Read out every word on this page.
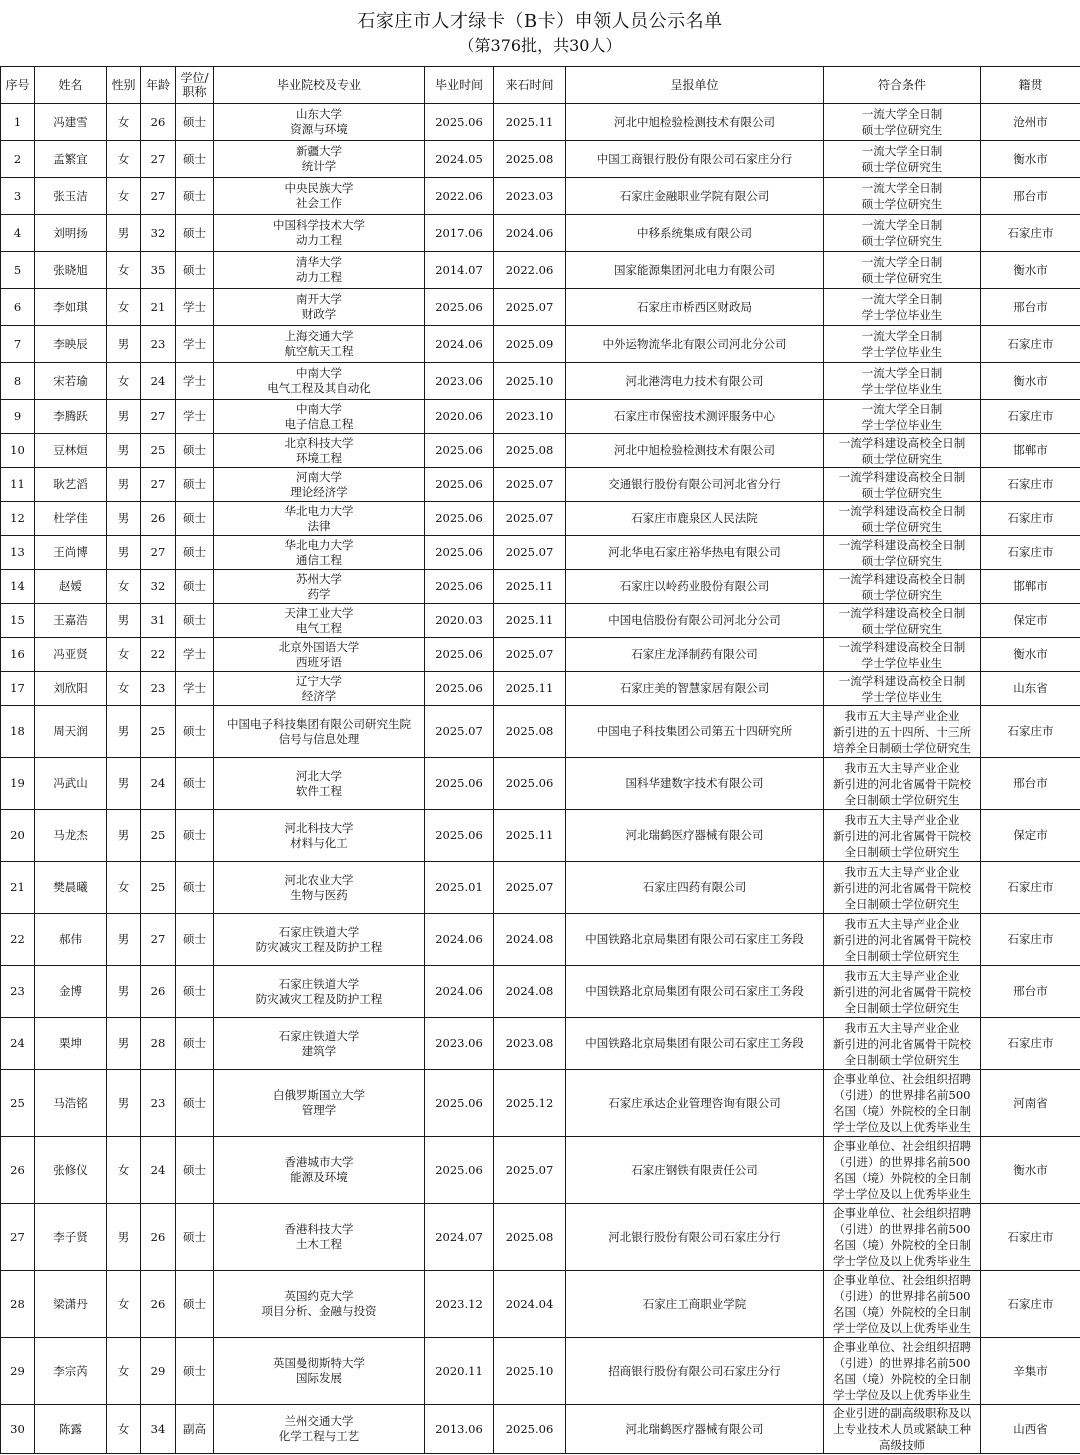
石家庄市人才绿卡（B卡）申领人员公示名单
（第376批，共30人）
序号	姓名	性别	年龄	学位/
职称	毕业院校及专业	毕业时间	来石时间	呈报单位	符合条件	籍贯
1	冯建雪	女	26	硕士	山东大学
资源与环境	2025.06	2025.11	河北中旭检验检测技术有限公司	一流大学全日制
硕士学位研究生	沧州市
2	孟繁宜	女	27	硕士	新疆大学
统计学	2024.05	2025.08	中国工商银行股份有限公司石家庄分行	一流大学全日制
硕士学位研究生	衡水市
3	张玉洁	女	27	硕士	中央民族大学
社会工作	2022.06	2023.03	石家庄金融职业学院有限公司	一流大学全日制
硕士学位研究生	邢台市
4	刘明扬	男	32	硕士	中国科学技术大学
动力工程	2017.06	2024.06	中移系统集成有限公司	一流大学全日制
硕士学位研究生	石家庄市
5	张晓旭	女	35	硕士	清华大学
动力工程	2014.07	2022.06	国家能源集团河北电力有限公司	一流大学全日制
硕士学位研究生	衡水市
6	李如琪	女	21	学士	南开大学
财政学	2025.06	2025.07	石家庄市桥西区财政局	一流大学全日制
学士学位毕业生	邢台市
7	李映辰	男	23	学士	上海交通大学
航空航天工程	2024.06	2025.09	中外运物流华北有限公司河北分公司	一流大学全日制
学士学位毕业生	石家庄市
8	宋若瑜	女	24	学士	中南大学
电气工程及其自动化	2023.06	2025.10	河北港湾电力技术有限公司	一流大学全日制
学士学位毕业生	衡水市
9	李腾跃	男	27	学士	中南大学
电子信息工程	2020.06	2023.10	石家庄市保密技术测评服务中心	一流大学全日制
学士学位毕业生	石家庄市
10	豆林烜	男	25	硕士	北京科技大学
环境工程	2025.06	2025.08	河北中旭检验检测技术有限公司	一流学科建设高校全日制
硕士学位研究生	邯郸市
11	耿艺滔	男	27	硕士	河南大学
理论经济学	2025.06	2025.07	交通银行股份有限公司河北省分行	一流学科建设高校全日制
硕士学位研究生	石家庄市
12	杜学佳	男	26	硕士	华北电力大学
法律	2025.06	2025.07	石家庄市鹿泉区人民法院	一流学科建设高校全日制
硕士学位研究生	石家庄市
13	王尚博	男	27	硕士	华北电力大学
通信工程	2025.06	2025.07	河北华电石家庄裕华热电有限公司	一流学科建设高校全日制
硕士学位研究生	石家庄市
14	赵嫒	女	32	硕士	苏州大学
药学	2025.06	2025.11	石家庄以岭药业股份有限公司	一流学科建设高校全日制
硕士学位研究生	邯郸市
15	王嘉浩	男	31	硕士	天津工业大学
电气工程	2020.03	2025.11	中国电信股份有限公司河北分公司	一流学科建设高校全日制
硕士学位研究生	保定市
16	冯亚贤	女	22	学士	北京外国语大学
西班牙语	2025.06	2025.07	石家庄龙泽制药有限公司	一流学科建设高校全日制
学士学位毕业生	衡水市
17	刘欣阳	女	23	学士	辽宁大学
经济学	2025.06	2025.11	石家庄美的智慧家居有限公司	一流学科建设高校全日制
学士学位毕业生	山东省
18	周天润	男	25	硕士	中国电子科技集团有限公司研究生院
信号与信息处理	2025.07	2025.08	中国电子科技集团公司第五十四研究所	我市五大主导产业企业
新引进的五十四所、十三所
培养全日制硕士学位研究生	石家庄市
19	冯武山	男	24	硕士	河北大学
软件工程	2025.06	2025.06	国科华建数字技术有限公司	我市五大主导产业企业
新引进的河北省属骨干院校
全日制硕士学位研究生	邢台市
20	马龙杰	男	25	硕士	河北科技大学
材料与化工	2025.06	2025.11	河北瑞鹤医疗器械有限公司	我市五大主导产业企业
新引进的河北省属骨干院校
全日制硕士学位研究生	保定市
21	樊晨曦	女	25	硕士	河北农业大学
生物与医药	2025.01	2025.07	石家庄四药有限公司	我市五大主导产业企业
新引进的河北省属骨干院校
全日制硕士学位研究生	石家庄市
22	郝伟	男	27	硕士	石家庄铁道大学
防灾减灾工程及防护工程	2024.06	2024.08	中国铁路北京局集团有限公司石家庄工务段	我市五大主导产业企业
新引进的河北省属骨干院校
全日制硕士学位研究生	石家庄市
23	金博	男	26	硕士	石家庄铁道大学
防灾减灾工程及防护工程	2024.06	2024.08	中国铁路北京局集团有限公司石家庄工务段	我市五大主导产业企业
新引进的河北省属骨干院校
全日制硕士学位研究生	邢台市
24	栗坤	男	28	硕士	石家庄铁道大学
建筑学	2023.06	2023.08	中国铁路北京局集团有限公司石家庄工务段	我市五大主导产业企业
新引进的河北省属骨干院校
全日制硕士学位研究生	石家庄市
25	马浩铭	男	23	硕士	白俄罗斯国立大学
管理学	2025.06	2025.12	石家庄承达企业管理咨询有限公司	企事业单位、社会组织招聘
（引进）的世界排名前500
名国（境）外院校的全日制
学士学位及以上优秀毕业生	河南省
26	张修仪	女	24	硕士	香港城市大学
能源及环境	2025.06	2025.07	石家庄钢铁有限责任公司	企事业单位、社会组织招聘
（引进）的世界排名前500
名国（境）外院校的全日制
学士学位及以上优秀毕业生	衡水市
27	李子贤	男	26	硕士	香港科技大学
土木工程	2024.07	2025.08	河北银行股份有限公司石家庄分行	企事业单位、社会组织招聘
（引进）的世界排名前500
名国（境）外院校的全日制
学士学位及以上优秀毕业生	石家庄市
28	梁潇丹	女	26	硕士	英国约克大学
项目分析、金融与投资	2023.12	2024.04	石家庄工商职业学院	企事业单位、社会组织招聘
（引进）的世界排名前500
名国（境）外院校的全日制
学士学位及以上优秀毕业生	石家庄市
29	李宗芮	女	29	硕士	英国曼彻斯特大学
国际发展	2020.11	2025.10	招商银行股份有限公司石家庄分行	企事业单位、社会组织招聘
（引进）的世界排名前500
名国（境）外院校的全日制
学士学位及以上优秀毕业生	辛集市
30	陈露	女	34	副高	兰州交通大学
化学工程与工艺	2013.06	2025.06	河北瑞鹤医疗器械有限公司	企业引进的副高级职称及以
上专业技术人员或紧缺工种
高级技师	山西省
